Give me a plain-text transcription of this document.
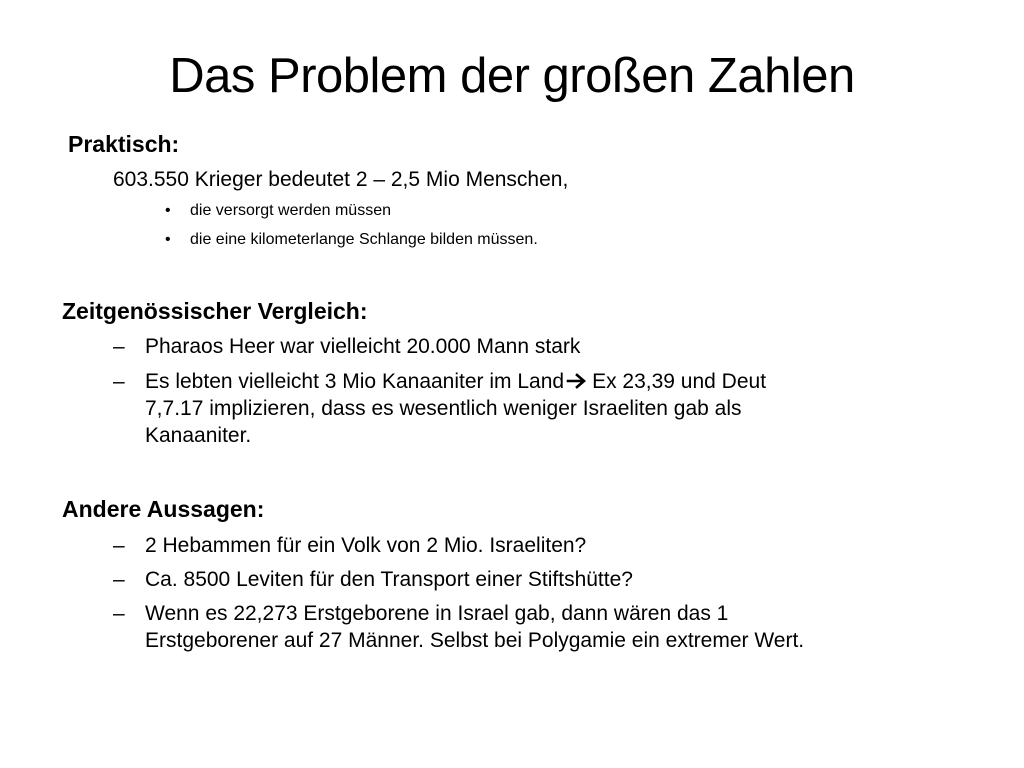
Das Problem der großen Zahlen
Praktisch:
603.550 Krieger bedeutet 2 – 2,5 Mio Menschen,
• die versorgt werden müssen
• die eine kilometerlange Schlange bilden müssen.
Zeitgenössischer Vergleich:
– Pharaos Heer war vielleicht 20.000 Mann stark
– Es lebten vielleicht 3 Mio Kanaaniter im Land Ex 23,39 und Deut
7,7.17 implizieren, dass es wesentlich weniger Israeliten gab als
Kanaaniter.
Andere Aussagen:
– 2 Hebammen für ein Volk von 2 Mio. Israeliten?
– Ca. 8500 Leviten für den Transport einer Stiftshütte?
– Wenn es 22,273 Erstgeborene in Israel gab, dann wären das 1
Erstgeborener auf 27 Männer. Selbst bei Polygamie ein extremer Wert.
